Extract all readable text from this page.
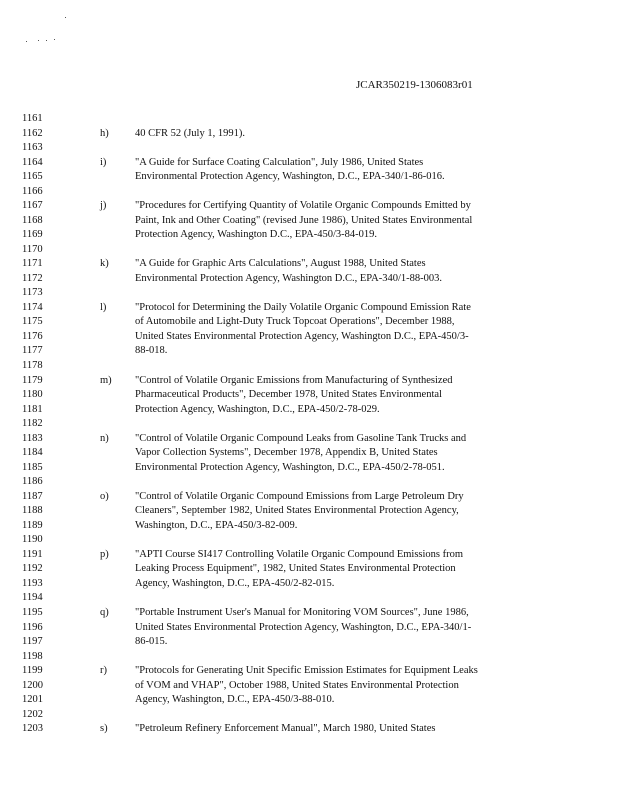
JCAR350219-1306083r01
1161
1162	h)	40 CFR 52 (July 1, 1991).
1163
1164	i)	"A Guide for Surface Coating Calculation", July 1986, United States
1165	Environmental Protection Agency, Washington, D.C., EPA-340/1-86-016.
1166
1167	j)	"Procedures for Certifying Quantity of Volatile Organic Compounds Emitted by
1168	Paint, Ink and Other Coating" (revised June 1986), United States Environmental
1169	Protection Agency, Washington D.C., EPA-450/3-84-019.
1170
1171	k)	"A Guide for Graphic Arts Calculations", August 1988, United States
1172	Environmental Protection Agency, Washington D.C., EPA-340/1-88-003.
1173
1174	l)	"Protocol for Determining the Daily Volatile Organic Compound Emission Rate
1175	of Automobile and Light-Duty Truck Topcoat Operations", December 1988,
1176	United States Environmental Protection Agency, Washington D.C., EPA-450/3-
1177	88-018.
1178
1179	m) "Control of Volatile Organic Emissions from Manufacturing of Synthesized
1180	Pharmaceutical Products", December 1978, United States Environmental
1181	Protection Agency, Washington, D.C., EPA-450/2-78-029.
1182
1183	n)	"Control of Volatile Organic Compound Leaks from Gasoline Tank Trucks and
1184	Vapor Collection Systems", December 1978, Appendix B, United States
1185	Environmental Protection Agency, Washington, D.C., EPA-450/2-78-051.
1186
1187	o)	"Control of Volatile Organic Compound Emissions from Large Petroleum Dry
1188	Cleaners", September 1982, United States Environmental Protection Agency,
1189	Washington, D.C., EPA-450/3-82-009.
1190
1191	p)	"APTI Course SI417 Controlling Volatile Organic Compound Emissions from
1192	Leaking Process Equipment", 1982, United States Environmental Protection
1193	Agency, Washington, D.C., EPA-450/2-82-015.
1194
1195	q)	"Portable Instrument User's Manual for Monitoring VOM Sources", June 1986,
1196	United States Environmental Protection Agency, Washington, D.C., EPA-340/1-
1197	86-015.
1198
1199	r)	"Protocols for Generating Unit Specific Emission Estimates for Equipment Leaks
1200	of VOM and VHAP", October 1988, United States Environmental Protection
1201	Agency, Washington, D.C., EPA-450/3-88-010.
1202
1203	s)	"Petroleum Refinery Enforcement Manual", March 1980, United States
